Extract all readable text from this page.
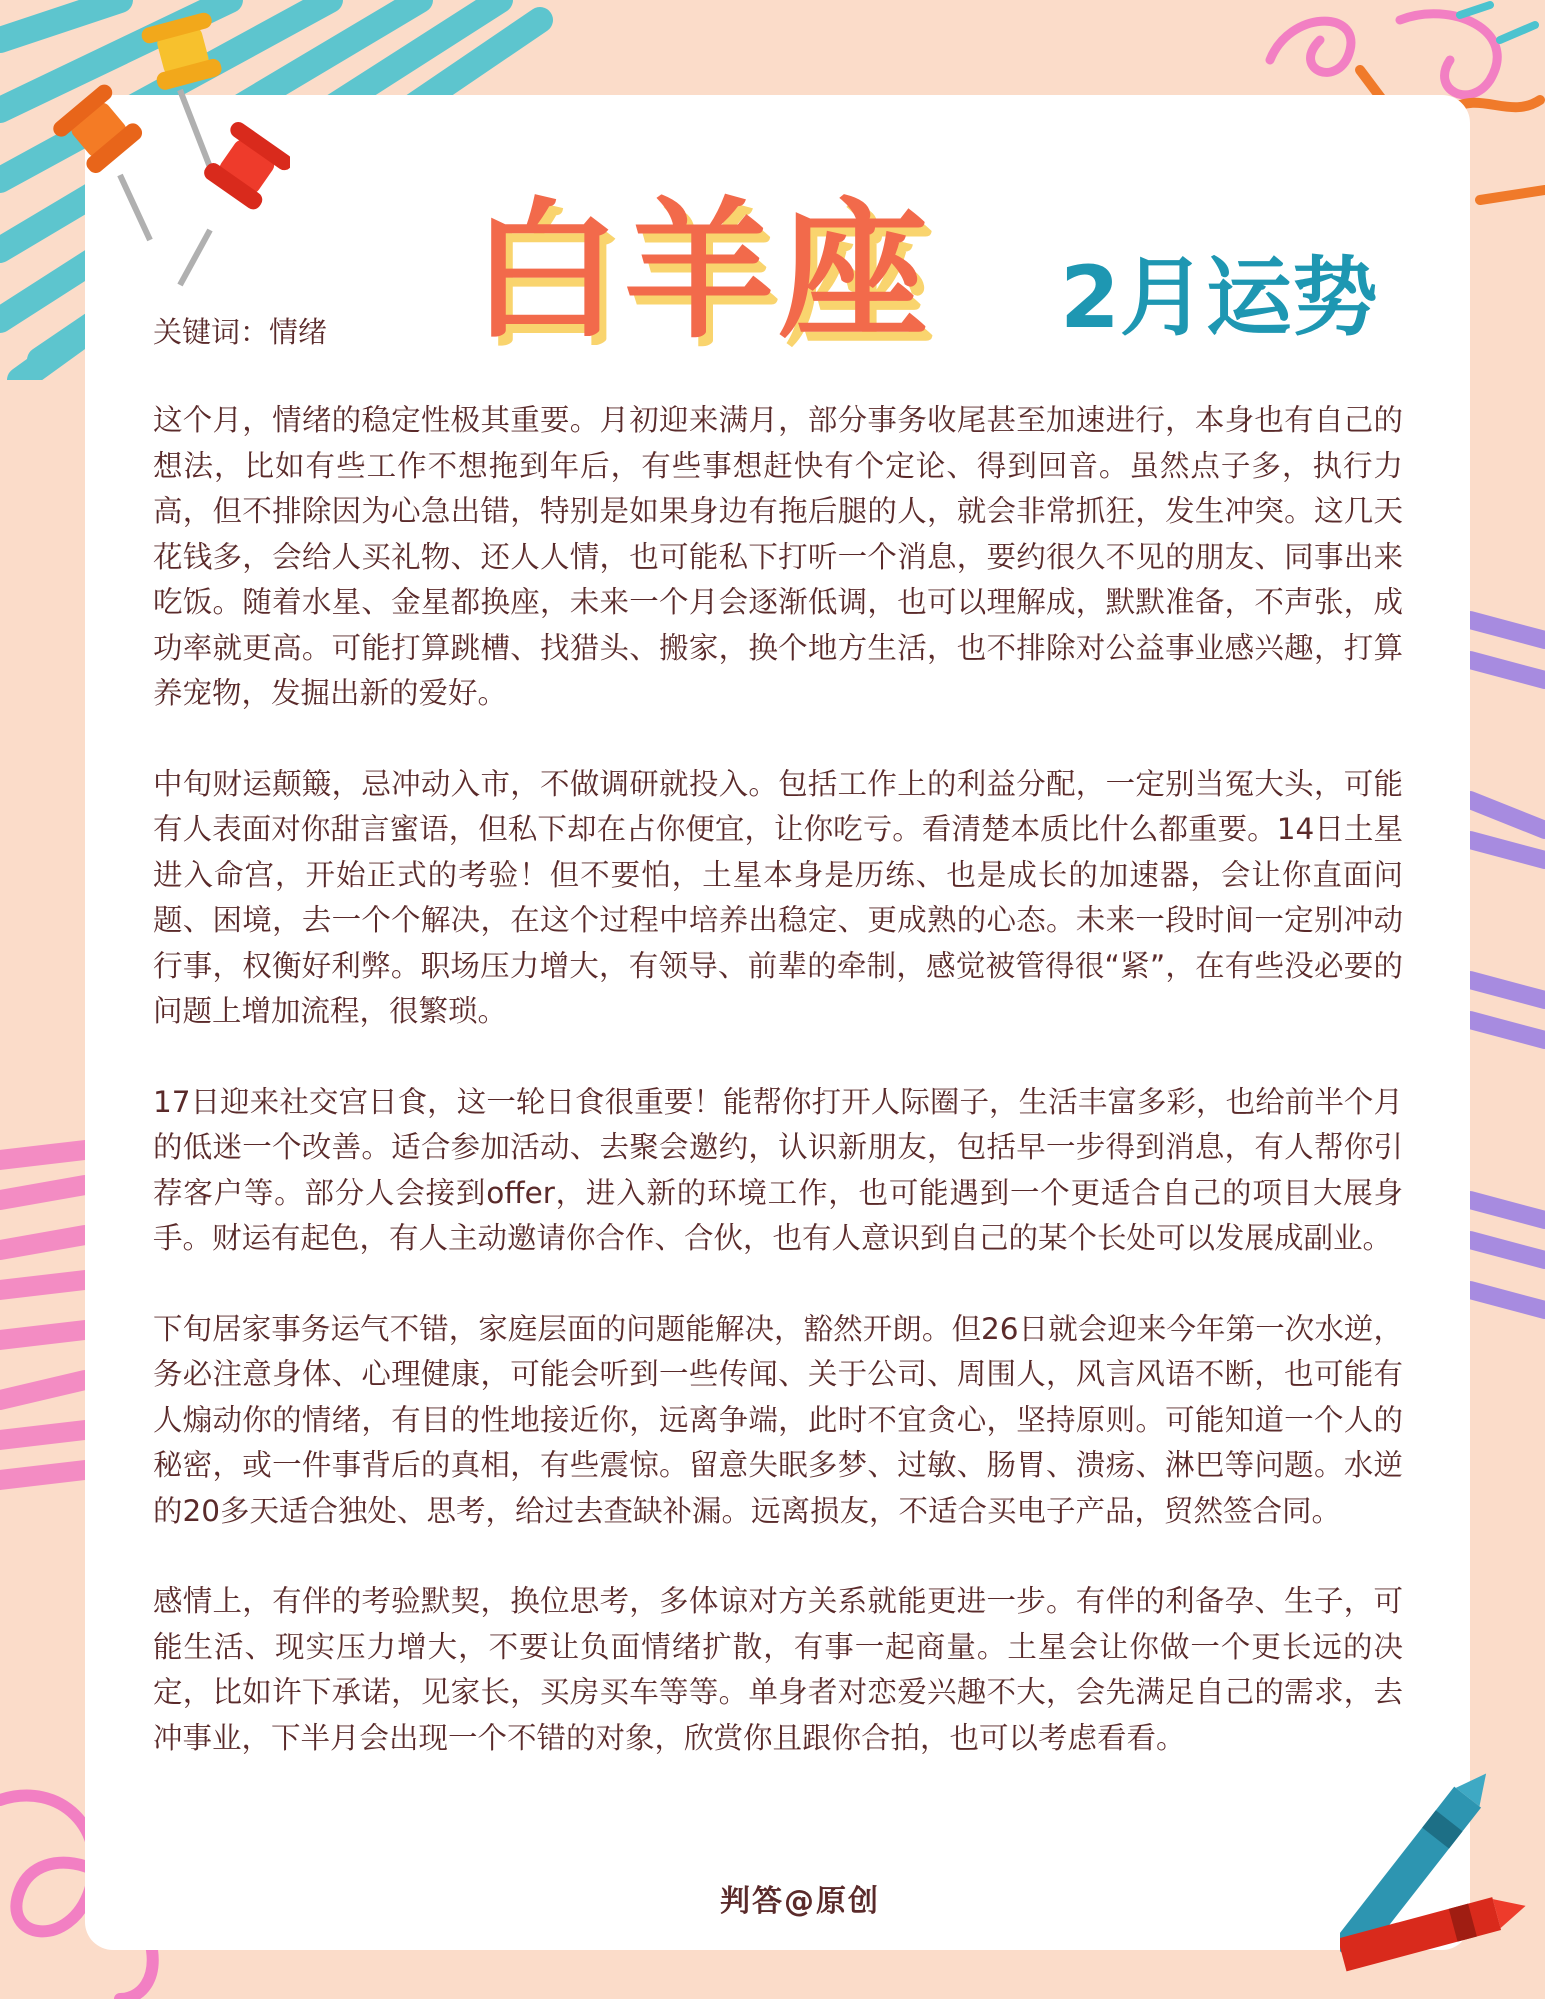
白羊座 2月运势
关键词：情绪

这个月，情绪的稳定性极其重要。月初迎来满月，部分事务收尾甚至加速进行，本身也有自己的想法，比如有些工作不想拖到年后，有些事想赶快有个定论、得到回音。虽然点子多，执行力高，但不排除因为心急出错，特别是如果身边有拖后腿的人，就会非常抓狂，发生冲突。这几天花钱多，会给人买礼物、还人人情，也可能私下打听一个消息，要约很久不见的朋友、同事出来吃饭。随着水星、金星都换座，未来一个月会逐渐低调，也可以理解成，默默准备，不声张，成功率就更高。可能打算跳槽、找猎头、搬家，换个地方生活，也不排除对公益事业感兴趣，打算养宠物，发掘出新的爱好。

中旬财运颠簸，忌冲动入市，不做调研就投入。包括工作上的利益分配，一定别当冤大头，可能有人表面对你甜言蜜语，但私下却在占你便宜，让你吃亏。看清楚本质比什么都重要。14日土星进入命宫，开始正式的考验！但不要怕，土星本身是历练、也是成长的加速器，会让你直面问题、困境，去一个个解决，在这个过程中培养出稳定、更成熟的心态。未来一段时间一定别冲动行事，权衡好利弊。职场压力增大，有领导、前辈的牵制，感觉被管得很“紧”，在有些没必要的问题上增加流程，很繁琐。

17日迎来社交宫日食，这一轮日食很重要！能帮你打开人际圈子，生活丰富多彩，也给前半个月的低迷一个改善。适合参加活动、去聚会邀约，认识新朋友，包括早一步得到消息，有人帮你引荐客户等。部分人会接到offer，进入新的环境工作，也可能遇到一个更适合自己的项目大展身手。财运有起色，有人主动邀请你合作、合伙，也有人意识到自己的某个长处可以发展成副业。

下旬居家事务运气不错，家庭层面的问题能解决，豁然开朗。但26日就会迎来今年第一次水逆，务必注意身体、心理健康，可能会听到一些传闻、关于公司、周围人，风言风语不断，也可能有人煽动你的情绪，有目的性地接近你，远离争端，此时不宜贪心，坚持原则。可能知道一个人的秘密，或一件事背后的真相，有些震惊。留意失眠多梦、过敏、肠胃、溃疡、淋巴等问题。水逆的20多天适合独处、思考，给过去查缺补漏。远离损友，不适合买电子产品，贸然签合同。

感情上，有伴的考验默契，换位思考，多体谅对方关系就能更进一步。有伴的利备孕、生子，可能生活、现实压力增大，不要让负面情绪扩散，有事一起商量。土星会让你做一个更长远的决定，比如许下承诺，见家长，买房买车等等。单身者对恋爱兴趣不大，会先满足自己的需求，去冲事业，下半月会出现一个不错的对象，欣赏你且跟你合拍，也可以考虑看看。

判答@原创
